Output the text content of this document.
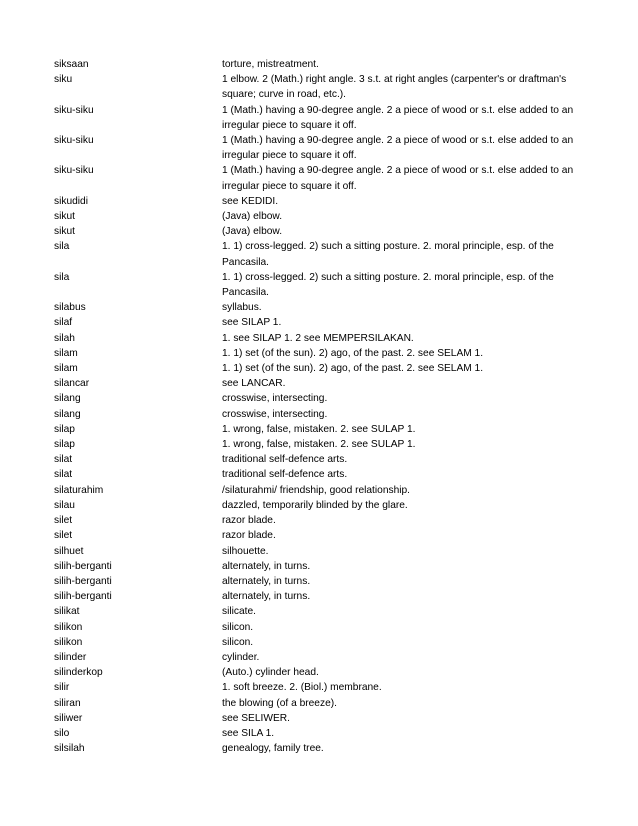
siksaan	torture, mistreatment.
siku	1 elbow. 2 (Math.) right angle. 3 s.t. at right angles (carpenter's or draftman's square; curve in road, etc.).
siku-siku	1 (Math.) having a 90-degree angle. 2 a piece of wood or s.t. else added to an irregular piece to square it off.
siku-siku	1 (Math.) having a 90-degree angle. 2 a piece of wood or s.t. else added to an irregular piece to square it off.
siku-siku	1 (Math.) having a 90-degree angle. 2 a piece of wood or s.t. else added to an irregular piece to square it off.
sikudidi	see KEDIDI.
sikut	(Java) elbow.
sikut	(Java) elbow.
sila	1. 1) cross-legged. 2) such a sitting posture. 2. moral principle, esp. of the Pancasila.
sila	1. 1) cross-legged. 2) such a sitting posture. 2. moral principle, esp. of the Pancasila.
silabus	syllabus.
silaf	see SILAP 1.
silah	1. see SILAP 1. 2 see MEMPERSILAKAN.
silam	1. 1) set (of the sun). 2) ago, of the past. 2. see SELAM 1.
silam	1. 1) set (of the sun). 2) ago, of the past. 2. see SELAM 1.
silancar	see LANCAR.
silang	crosswise, intersecting.
silang	crosswise, intersecting.
silap	1. wrong, false, mistaken. 2. see SULAP 1.
silap	1. wrong, false, mistaken. 2. see SULAP 1.
silat	traditional self-defence arts.
silat	traditional self-defence arts.
silaturahim	/silaturahmi/ friendship, good relationship.
silau	dazzled, temporarily blinded by the glare.
silet	razor blade.
silet	razor blade.
silhuet	silhouette.
silih-berganti	alternately, in turns.
silih-berganti	alternately, in turns.
silih-berganti	alternately, in turns.
silikat	silicate.
silikon	silicon.
silikon	silicon.
silinder	cylinder.
silinderkop	(Auto.) cylinder head.
silir	1. soft breeze. 2. (Biol.) membrane.
siliran	the blowing (of a breeze).
siliwer	see SELIWER.
silo	see SILA 1.
silsilah	genealogy, family tree.
